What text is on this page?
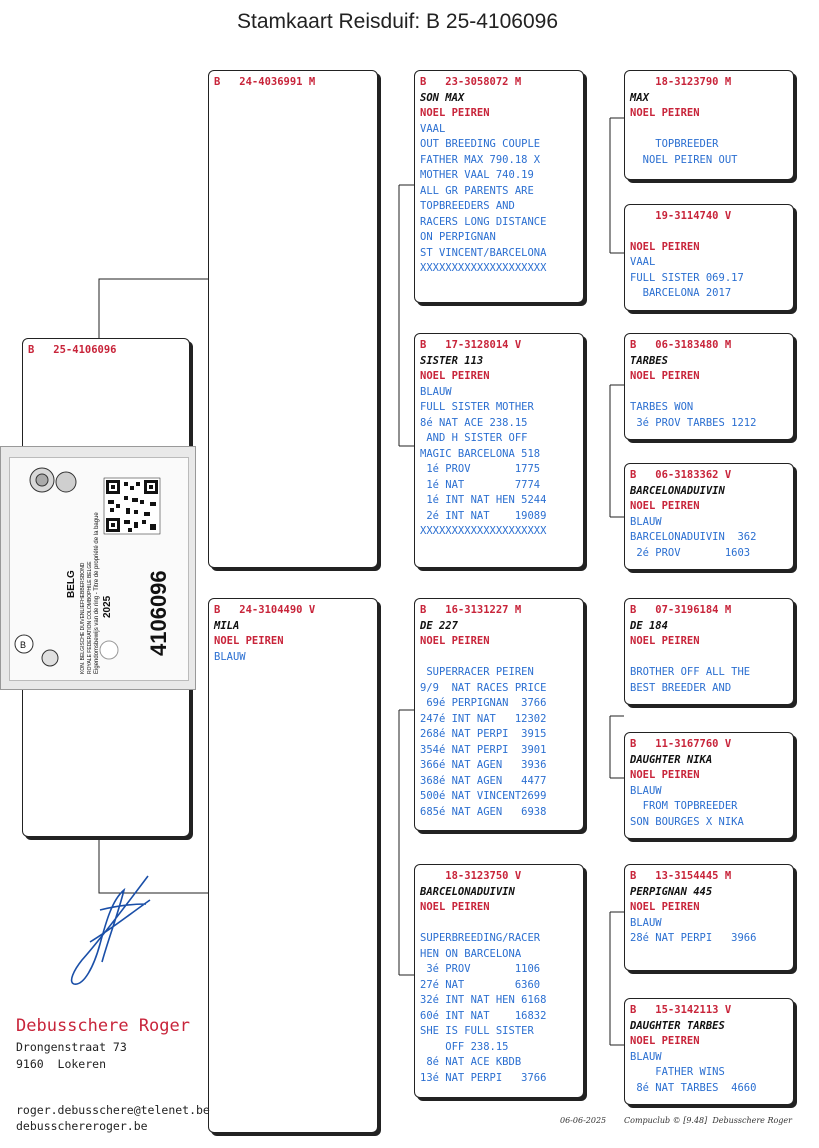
Stamkaart Reisduif: B 25-4106096
B   25-4106096
B   24-4036991 M
B   24-3104490 V
MILA
NOEL PEIREN
BLAUW
B   23-3058072 M
SON MAX
NOEL PEIREN
VAAL
OUT BREEDING COUPLE
FATHER MAX 790.18 X
MOTHER VAAL 740.19
ALL GR PARENTS ARE
TOPBREEDERS AND
RACERS LONG DISTANCE
ON PERPIGNAN
ST VINCENT/BARCELONA
XXXXXXXXXXXXXXXXXXXX
B   17-3128014 V
SISTER 113
NOEL PEIREN
BLAUW
FULL SISTER MOTHER
8é NAT ACE 238.15
AND H SISTER OFF
MAGIC BARCELONA 518
1é PROV       1775
1é NAT        7774
1é INT NAT HEN 5244
2é INT NAT    19089
XXXXXXXXXXXXXXXXXXXX
B   16-3131227 M
DE 227
NOEL PEIREN

SUPERRACER PEIREN
9/9  NAT RACES PRICE
69é PERPIGNAN  3766
247é INT NAT   12302
268é NAT PERPI  3915
354é NAT PERPI  3901
366é NAT AGEN   3936
368é NAT AGEN   4477
500é NAT VINCENT2699
685é NAT AGEN   6938
18-3123750 V
BARCELONADUIVIN
NOEL PEIREN

SUPERBREEDING/RACER
HEN ON BARCELONA
3é PROV       1106
27é NAT        6360
32é INT NAT HEN 6168
60é INT NAT    16832
SHE IS FULL SISTER
OFF 238.15
8é NAT ACE KBDB
13é NAT PERPI   3766
18-3123790 M
MAX
NOEL PEIREN

TOPBREEDER
NOEL PEIREN OUT
19-3114740 V
NOEL PEIREN
VAAL
FULL SISTER 069.17
BARCELONA 2017
B   06-3183480 M
TARBES
NOEL PEIREN

TARBES WON
3é PROV TARBES 1212
B   06-3183362 V
BARCELONADUIVIN
NOEL PEIREN
BLAUW
BARCELONADUIVIN  362
2é PROV       1603
B   07-3196184 M
DE 184
NOEL PEIREN

BROTHER OFF ALL THE
BEST BREEDER AND
B   11-3167760 V
DAUGHTER NIKA
NOEL PEIREN
BLAUW
FROM TOPBREEDER
SON BOURGES X NIKA
B   13-3154445 M
PERPIGNAN 445
NOEL PEIREN
BLAUW
28é NAT PERPI   3966
B   15-3142113 V
DAUGHTER TARBES
NOEL PEIREN
BLAUW
FATHER WINS
8é NAT TARBES  4660
B	4106096
2025
BELG KON. BELGISCHE DUIVENLIEFHEBBERSBOND ROYALE FEDERATION COLOMBOPHILE BELGE Eigendomsbewijs van de ring - Titre de propriété de la bague
Debusschere Roger
Drongenstraat 73
9160  Lokeren
roger.debusschere@telenet.be
debusschereroger.be	06-06-2025 Compuclub © [9.48]  Debusschere Roger
